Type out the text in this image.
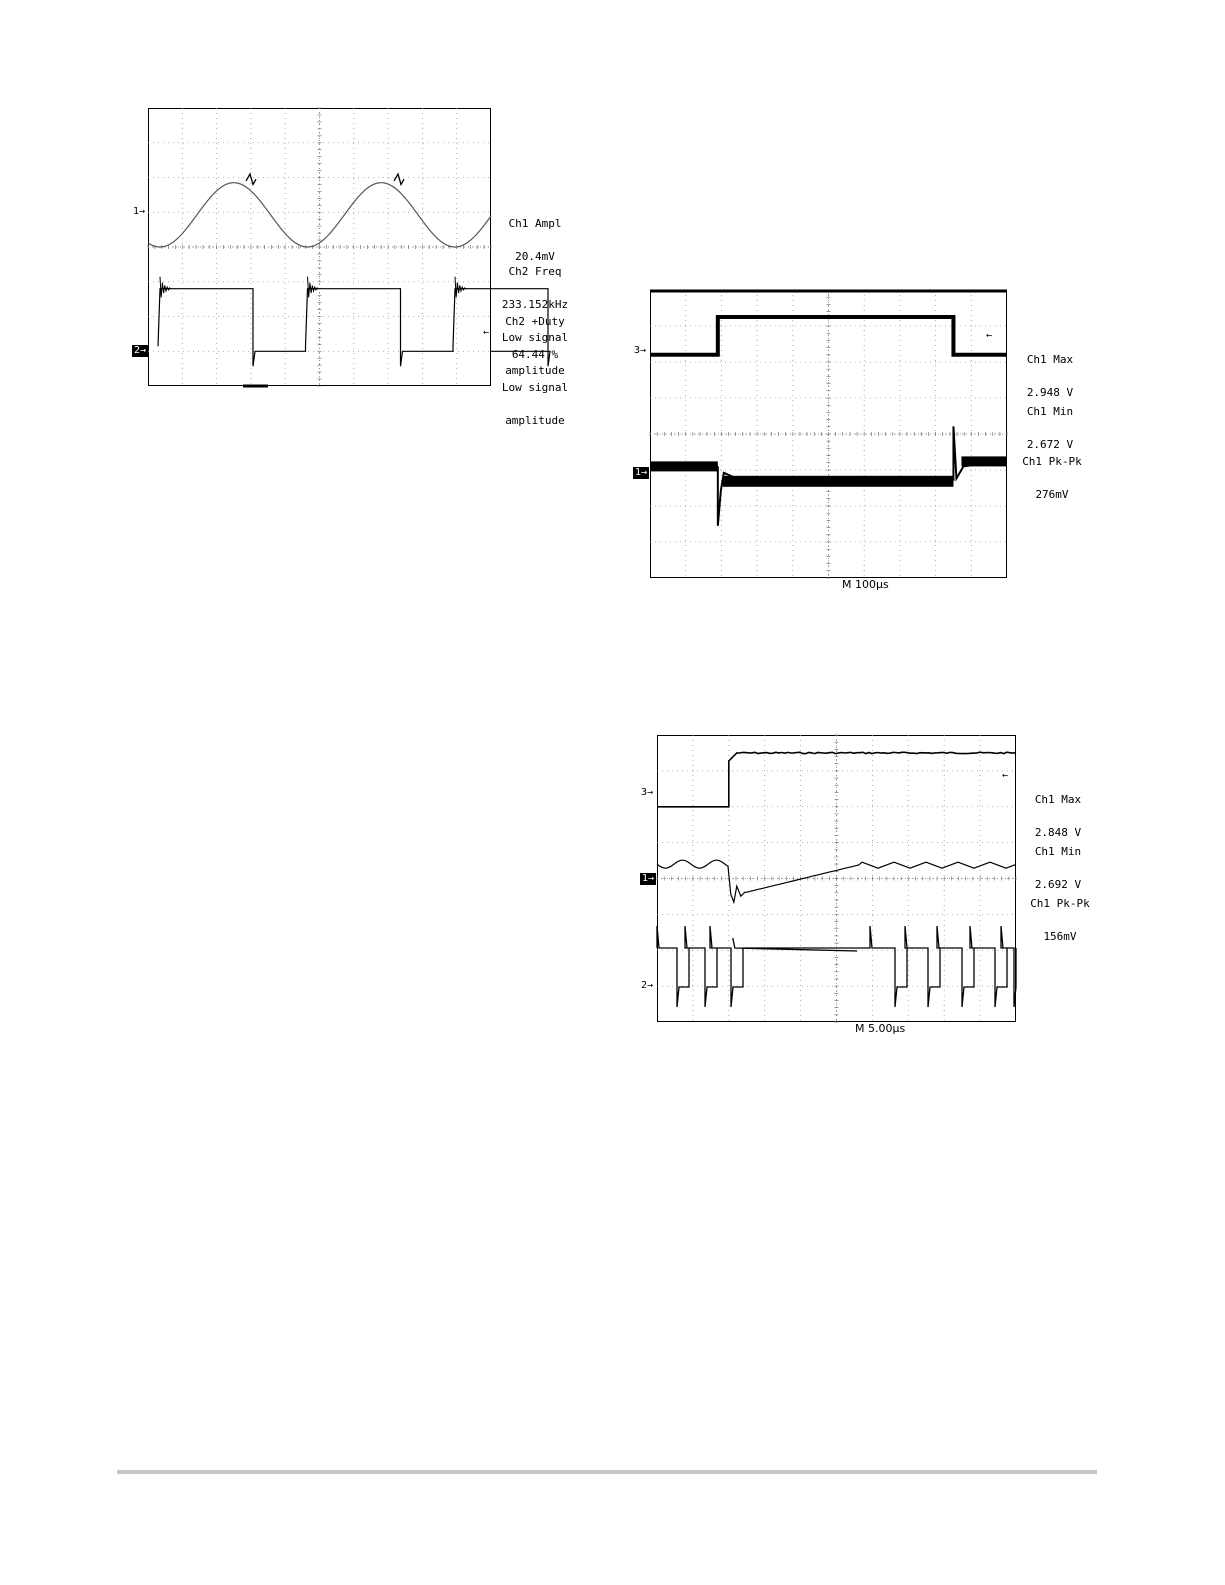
1→
2→

Ch1 Ampl

20.4mV

Ch2 Freq

233.152kHz

Low signal

amplitude

Ch2 +Duty

64.44 %

Low signal

amplitude

←
3→
1→
←

Ch1 Max

2.948 V

Ch1 Min

2.672 V

Ch1 Pk-Pk

276mV

M 100µs
3→
1→
2→
←

Ch1 Max

2.848 V

Ch1 Min

2.692 V

Ch1 Pk-Pk

156mV

M 5.00µs
